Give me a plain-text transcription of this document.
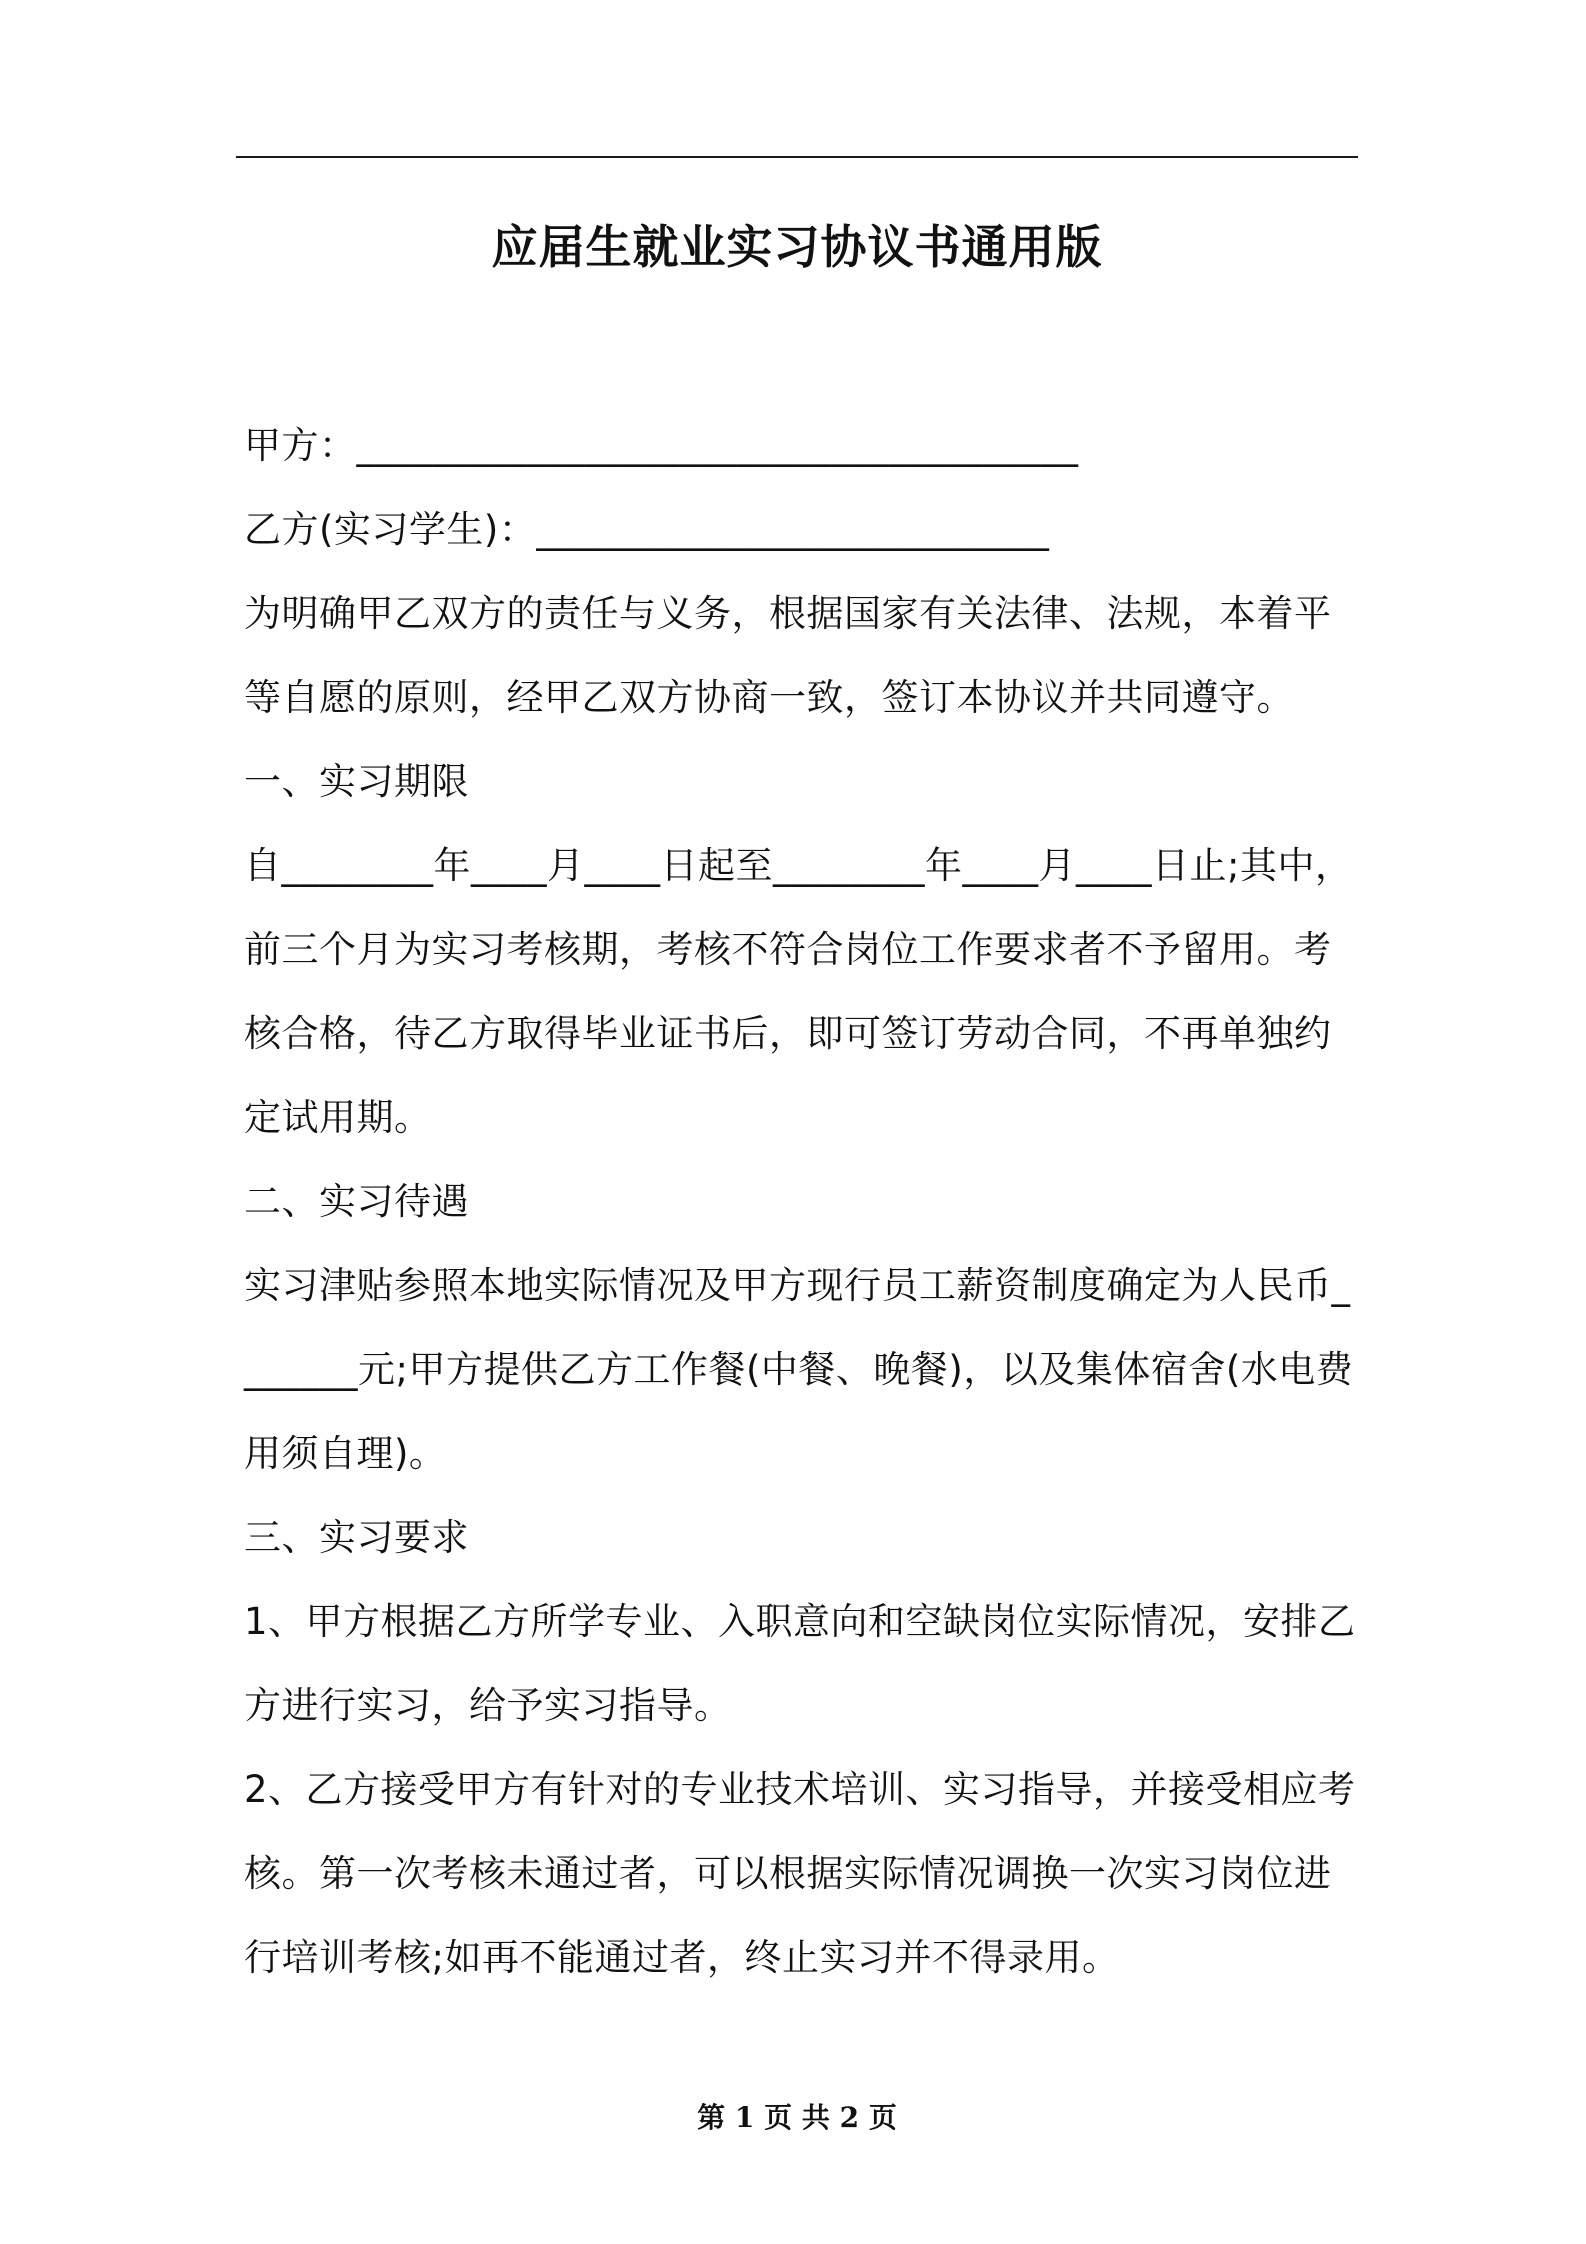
应届生就业实习协议书通用版

甲方：______________________________________

乙方(实习学生)：___________________________

为明确甲乙双方的责任与义务，根据国家有关法律、法规，本着平等自愿的原则，经甲乙双方协商一致，签订本协议并共同遵守。

一、实习期限

自________年____月____日起至________年____月____日止;其中，前三个月为实习考核期，考核不符合岗位工作要求者不予留用。考核合格，待乙方取得毕业证书后，即可签订劳动合同，不再单独约定试用期。

二、实习待遇

实习津贴参照本地实际情况及甲方现行员工薪资制度确定为人民币_______元;甲方提供乙方工作餐(中餐、晚餐)，以及集体宿舍(水电费用须自理)。

三、实习要求

1、甲方根据乙方所学专业、入职意向和空缺岗位实际情况，安排乙方进行实习，给予实习指导。

2、乙方接受甲方有针对的专业技术培训、实习指导，并接受相应考核。第一次考核未通过者，可以根据实际情况调换一次实习岗位进行培训考核;如再不能通过者，终止实习并不得录用。

第 1 页 共 2 页
